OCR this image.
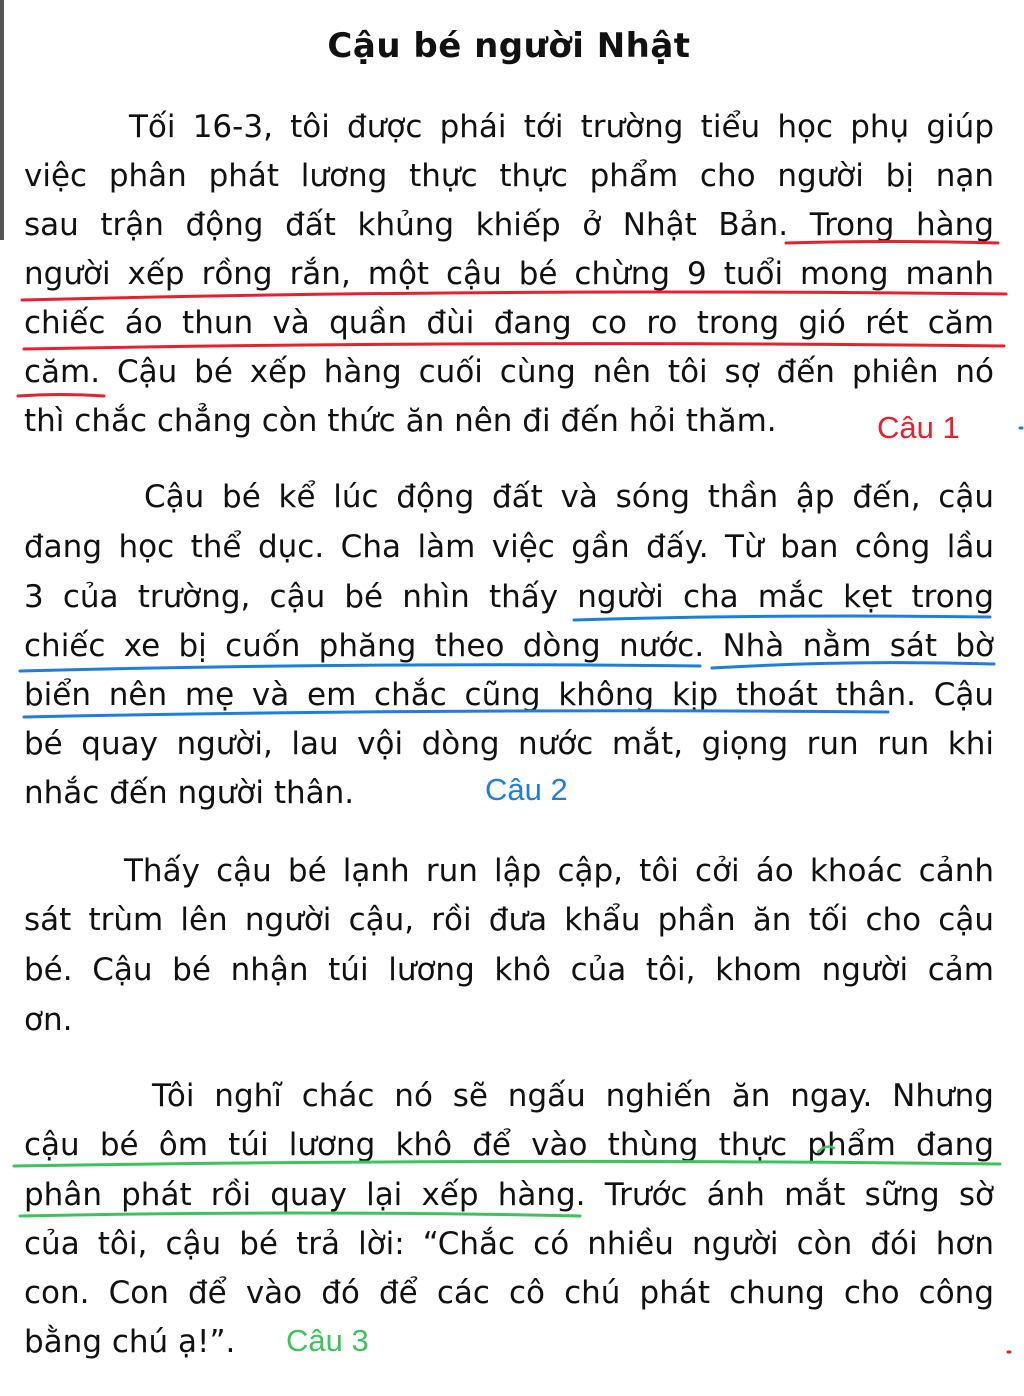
Cậu bé người Nhật
Tối 16-3, tôi được phái tới trường tiểu học phụ giúp
việc phân phát lương thực thực phẩm cho người bị nạn
sau trận động đất khủng khiếp ở Nhật Bản. Trong hàng
người xếp rồng rắn, một cậu bé chừng 9 tuổi mong manh
chiếc áo thun và quần đùi đang co ro trong gió rét căm
căm. Cậu bé xếp hàng cuối cùng nên tôi sợ đến phiên nó
thì chắc chẳng còn thức ăn nên đi đến hỏi thăm.
Cậu bé kể lúc động đất và sóng thần ập đến, cậu
đang học thể dục. Cha làm việc gần đấy. Từ ban công lầu
3 của trường, cậu bé nhìn thấy người cha mắc kẹt trong
chiếc xe bị cuốn phăng theo dòng nước. Nhà nằm sát bờ
biển nên mẹ và em chắc cũng không kịp thoát thân. Cậu
bé quay người, lau vội dòng nước mắt, giọng run run khi
nhắc đến người thân.
Thấy cậu bé lạnh run lập cập, tôi cởi áo khoác cảnh
sát trùm lên người cậu, rồi đưa khẩu phần ăn tối cho cậu
bé. Cậu bé nhận túi lương khô của tôi, khom người cảm
ơn.
Tôi nghĩ chác nó sẽ ngấu nghiến ăn ngay. Nhưng
cậu bé ôm túi lương khô để vào thùng thực phẩm đang
phân phát rồi quay lại xếp hàng. Trước ánh mắt sững sờ
của tôi, cậu bé trả lời: “Chắc có nhiều người còn đói hơn
con. Con để vào đó để các cô chú phát chung cho công
bằng chú ạ!”.
Câu 1
Câu 2
Câu 3
